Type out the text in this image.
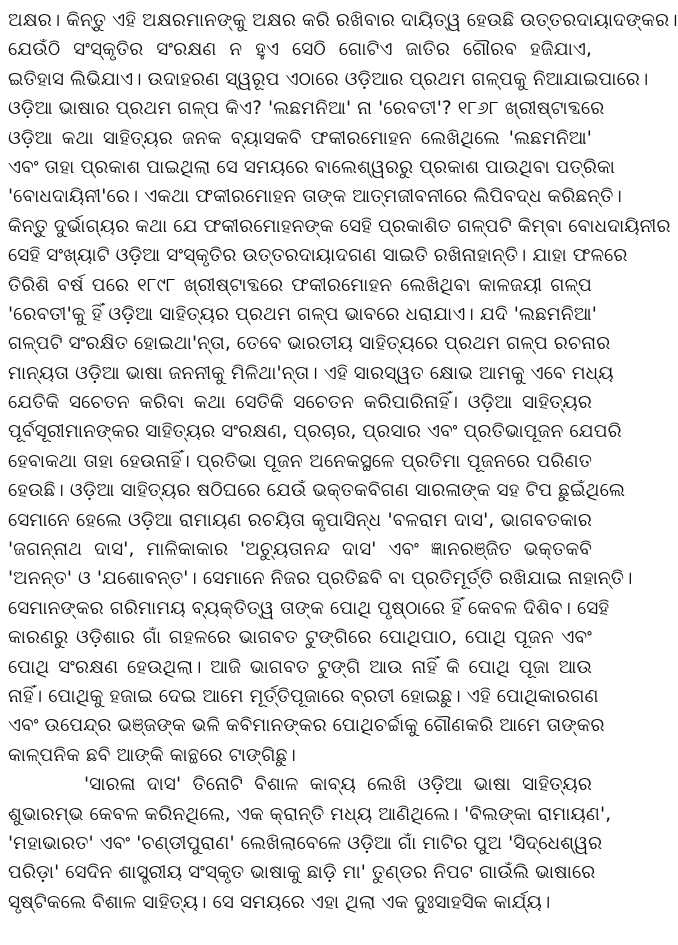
ଅକ୍ଷର। କିନ୍ତୁ ଏହି ଅକ୍ଷରମାନଙ୍କୁ ଅକ୍ଷର କରି ରଖିବାର ଦାୟିତ୍ୱ ହେଉଛି ଉତ୍ତରଦାୟାଦଙ୍କର।
ଯେଉଁଠି ସଂସ୍କୃତିର ସଂରକ୍ଷଣ ନ ହୁଏ ସେଠି ଗୋଟିଏ ଜାତିର ଗୌରବ ହଜିଯାଏ,
ଇତିହାସ ଲିଭିଯାଏ। ଉଦାହରଣ ସ୍ୱରୂପ ଏଠାରେ ଓଡ଼ିଆର ପ୍ରଥମ ଗଳ୍ପକୁ ନିଆଯାଇପାରେ।
ଓଡ଼ିଆ ଭାଷାର ପ୍ରଥମ ଗଳ୍ପ କିଏ? 'ଲଛମନିଆ' ନା 'ରେବତୀ'? ୧୮୬୮ ଖ୍ରୀଷ୍ଟାବ୍ଦରେ
ଓଡ଼ିଆ କଥା ସାହିତ୍ୟର ଜନକ ବ୍ୟାସକବି ଫକୀରମୋହନ ଲେଖିଥିଲେ 'ଲଛମନିଆ'
ଏବଂ ତାହା ପ୍ରକାଶ ପାଇଥିଲା ସେ ସମୟରେ ବାଲେଶ୍ୱରରୁ ପ୍ରକାଶ ପାଉଥିବା ପତ୍ରିକା
'ବୋଧଦାୟିନୀ'ରେ। ଏକଥା ଫକୀରମୋହନ ତାଙ୍କ ଆତ୍ମଜୀବନୀରେ ଲିପିବଦ୍ଧ କରିଛନ୍ତି।
କିନ୍ତୁ ଦୁର୍ଭାଗ୍ୟର କଥା ଯେ ଫକୀରମୋହନଙ୍କ ସେହି ପ୍ରକାଶିତ ଗଳ୍ପଟି କିମ୍ବା ବୋଧଦାୟିନୀର
ସେହି ସଂଖ୍ୟାଟି ଓଡ଼ିଆ ସଂସ୍କୃତିର ଉତ୍ତରଦାୟାଦଗଣ ସାଇତି ରଖିନାହାନ୍ତି। ଯାହା ଫଳରେ
ତିରିଶି ବର୍ଷ ପରେ ୧୮୯୮ ଖ୍ରୀଷ୍ଟାବ୍ଦରେ ଫକୀରମୋହନ ଲେଖିଥିବା କାଳଜୟୀ ଗଳ୍ପ
'ରେବତୀ'କୁ ହିଁ ଓଡ଼ିଆ ସାହିତ୍ୟର ପ୍ରଥମ ଗଳ୍ପ ଭାବରେ ଧରାଯାଏ। ଯଦି 'ଲଛମନିଆ'
ଗଳ୍ପଟି ସଂରକ୍ଷିତ ହୋଇଥା'ନ୍ତା, ତେବେ ଭାରତୀୟ ସାହିତ୍ୟରେ ପ୍ରଥମ ଗଳ୍ପ ରଚନାର
ମାନ୍ୟତା ଓଡ଼ିଆ ଭାଷା ଜନନୀକୁ ମିଳିଥା'ନ୍ତା। ଏହି ସାରସ୍ୱତ କ୍ଷୋଭ ଆମକୁ ଏବେ ମଧ୍ୟ
ଯେତିକି ସଚେତନ କରିବା କଥା ସେତିକି ସଚେତନ କରିପାରିନାହିଁ। ଓଡ଼ିଆ ସାହିତ୍ୟର
ପୂର୍ବସୂରୀମାନଙ୍କର ସାହିତ୍ୟର ସଂରକ୍ଷଣ, ପ୍ରଚାର, ପ୍ରସାର ଏବଂ ପ୍ରତିଭାପୂଜନ ଯେପରି
ହେବାକଥା ତାହା ହେଉନାହିଁ। ପ୍ରତିଭା ପୂଜନ ଅନେକସ୍ଥଳେ ପ୍ରତିମା ପୂଜନରେ ପରିଣତ
ହେଉଛି। ଓଡ଼ିଆ ସାହିତ୍ୟର ଷଠିଘରେ ଯେଉଁ ଭକ୍ତକବିଗଣ ସାରଳାଙ୍କ ସହ ଟିପ ଛୁଇଁଥିଲେ
ସେମାନେ ହେଲେ ଓଡ଼ିଆ ରାମାୟଣ ରଚୟିତା କୃପାସିନ୍ଧ 'ବଳରାମ ଦାସ', ଭାଗବତକାର
'ଜଗନ୍ନାଥ ଦାସ', ମାଳିକାକାର 'ଅଚ୍ୟୁତାନନ୍ଦ ଦାସ' ଏବଂ ଜ୍ଞାନରଞ୍ଜିତ ଭକ୍ତକବି
'ଅନନ୍ତ' ଓ 'ଯଶୋବନ୍ତ'। ସେମାନେ ନିଜର ପ୍ରତିଛବି ବା ପ୍ରତିମୂର୍ତ୍ତି ରଖିଯାଇ ନାହାନ୍ତି।
ସେମାନଙ୍କର ଗରିମାମୟ ବ୍ୟକ୍ତିତ୍ୱ ତାଙ୍କ ପୋଥି ପୃଷ୍ଠାରେ ହିଁ କେବଳ ଦିଶିବ। ସେହି
କାରଣରୁ ଓଡ଼ିଶାର ଗାଁ ଗହଳରେ ଭାଗବତ ଟୁଙ୍ଗିରେ ପୋଥିପାଠ, ପୋଥି ପୂଜନ ଏବଂ
ପୋଥି ସଂରକ୍ଷଣ ହେଉଥିଲା। ଆଜି ଭାଗବତ ଟୁଙ୍ଗି ଆଉ ନାହିଁ କି ପୋଥି ପୂଜା ଆଉ
ନାହିଁ। ପୋଥିକୁ ହଜାଇ ଦେଇ ଆମେ ମୂର୍ତ୍ତିପୂଜାରେ ବ୍ରତୀ ହୋଇଛୁ। ଏହି ପୋଥିକାରଗଣ
ଏବଂ ଉପେନ୍ଦ୍ର ଭଞ୍ଜଙ୍କ ଭଳି କବିମାନଙ୍କର ପୋଥିଚର୍ଚ୍ଚାକୁ ଗୌଣକରି ଆମେ ତାଙ୍କର
କାଳ୍ପନିକ ଛବି ଆଙ୍କି କାନ୍ଥରେ ଟାଙ୍ଗିଛୁ।
'ସାରଳା ଦାସ' ତିନୋଟି ବିଶାଳ କାବ୍ୟ ଲେଖି ଓଡ଼ିଆ ଭାଷା ସାହିତ୍ୟର
ଶୁଭାରମ୍ଭ କେବଳ କରିନଥିଲେ, ଏକ କ୍ରାନ୍ତି ମଧ୍ୟ ଆଣିଥିଲେ। 'ବିଲଙ୍କା ରାମାୟଣ',
'ମହାଭାରତ' ଏବଂ 'ଚଣ୍ଡୀପୁରାଣ' ଲେଖିଲାବେଳେ ଓଡ଼ିଆ ଗାଁ ମାଟିର ପୁଅ 'ସିଦ୍ଧେଶ୍ୱର
ପରିଡ଼ା' ସେଦିନ ଶାସ୍ତ୍ରୀୟ ସଂସ୍କୃତ ଭାଷାକୁ ଛାଡ଼ି ମା' ତୁଣ୍ଡର ନିପଟ ଗାଉଁଲି ଭାଷାରେ
ସୃଷ୍ଟିକଲେ ବିଶାଳ ସାହିତ୍ୟ। ସେ ସମୟରେ ଏହା ଥିଲା ଏକ ଦୁଃସାହସିକ କାର୍ଯ୍ୟ।
